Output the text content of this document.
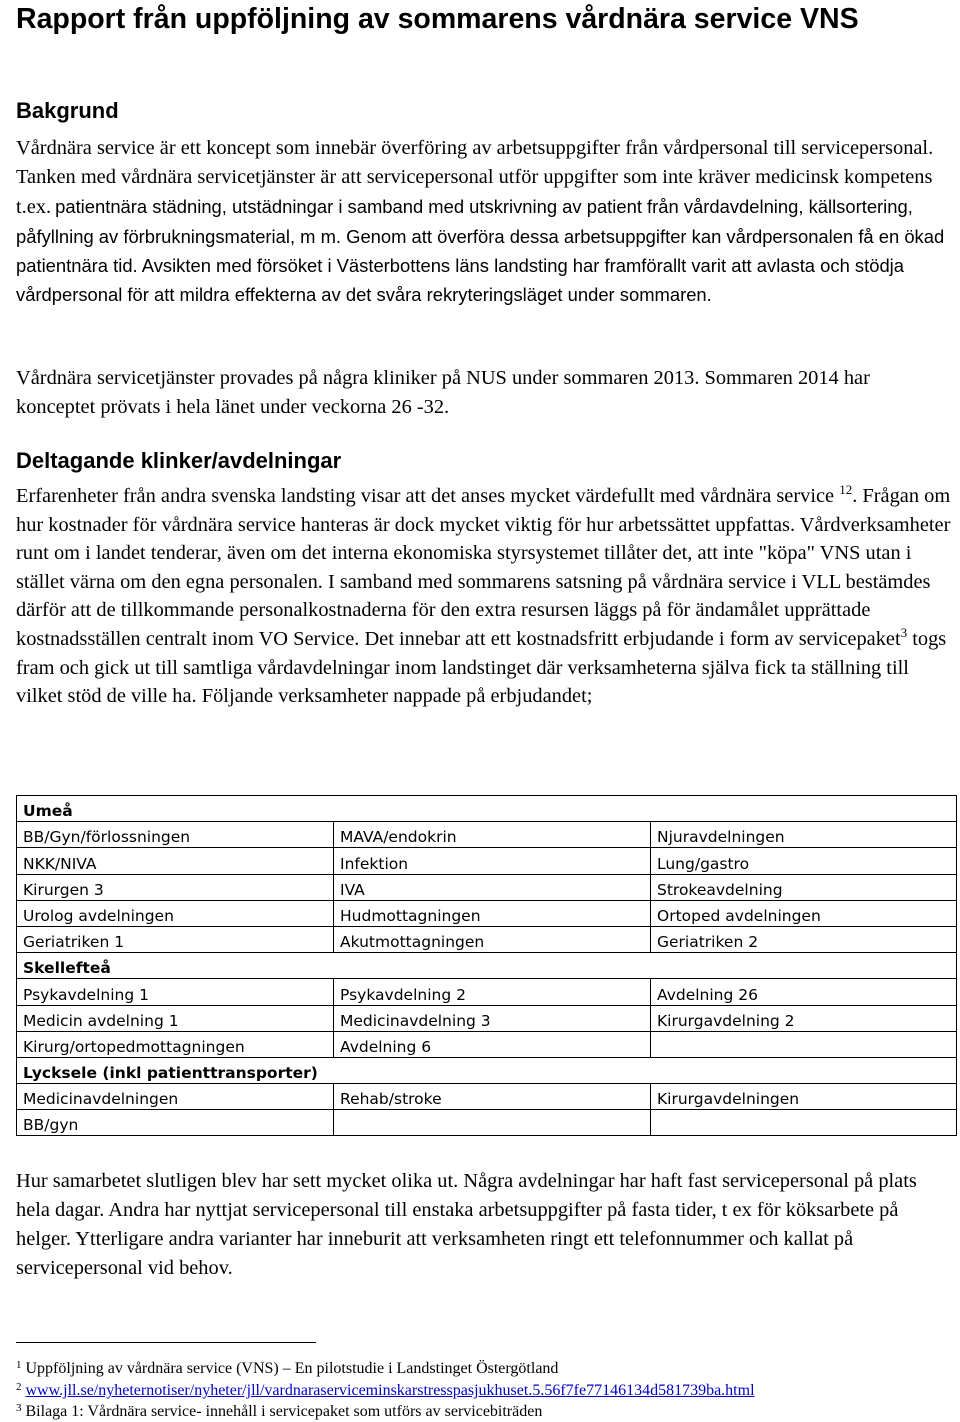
Rapport från uppföljning av sommarens vårdnära service VNS
Bakgrund

Vårdnära service är ett koncept som innebär överföring av arbetsuppgifter från vårdpersonal till servicepersonal. Tanken med vårdnära servicetjänster är att servicepersonal utför uppgifter som inte kräver medicinsk kompetens t.ex. patientnära städning, utstädningar i samband med utskrivning av patient från vårdavdelning, källsortering, påfyllning av förbrukningsmaterial, m m. Genom att överföra dessa arbetsuppgifter kan vårdpersonalen få en ökad patientnära tid. Avsikten med försöket i Västerbottens läns landsting har framförallt varit att avlasta och stödja vårdpersonal för att mildra effekterna av det svåra rekryteringsläget under sommaren.

Vårdnära servicetjänster provades på några kliniker på NUS under sommaren 2013. Sommaren 2014 har konceptet prövats i hela länet under veckorna 26 -32.

Deltagande klinker/avdelningar

Erfarenheter från andra svenska landsting visar att det anses mycket värdefullt med vårdnära service $^{12}$. Frågan om hur kostnader för vårdnära service hanteras är dock mycket viktig för hur arbetssättet uppfattas. Vårdverksamheter runt om i landet tenderar, även om det interna ekonomiska styrsystemet tillåter det, att inte "köpa" VNS utan i stället värna om den egna personalen. I samband med sommarens satsning på vårdnära service i VLL bestämdes därför att de tillkommande personalkostnaderna för den extra resursen läggs på för ändamålet upprättade kostnadsställen centralt inom VO Service. Det innebar att ett kostnadsfritt erbjudande i form av servicepaket$^3$ togs fram och gick ut till samtliga vårdavdelningar inom landstinget där verksamheterna själva fick ta ställning till vilket stöd de ville ha. Följande verksamheter nappade på erbjudandet;

Umeå		
BB/Gyn/förlossningen	MAVA/endokrin	Njuravdelningen
NKK/NIVA	Infektion	Lung/gastro
Kirurgen 3	IVA	Strokeavdelning
Urolog avdelningen	Hudmottagningen	Ortoped avdelningen
Geriatriken 1	Akutmottagningen	Geriatriken 2
Skellefteå		
Psykavdelning 1	Psykavdelning 2	Avdelning 26
Medicin avdelning 1	Medicinavdelning 3	Kirurgavdelning 2
Kirurg/ortopedmottagningen	Avdelning 6	
Lycksele (inkl patienttransporter)		
Medicinavdelningen	Rehab/stroke	Kirurgavdelningen
BB/gyn		

Hur samarbetet slutligen blev har sett mycket olika ut. Några avdelningar har haft fast servicepersonal på plats hela dagar. Andra har nyttjat servicepersonal till enstaka arbetsuppgifter på fasta tider, t ex för köksarbete på helger. Ytterligare andra varianter har inneburit att verksamheten ringt ett telefonnummer och kallat på servicepersonal vid behov.

$^1$ Uppföljning av vårdnära service (VNS) – En pilotstudie i Landstinget Östergötland
$^2$ www.jll.se/nyheternotiser/nyheter/jll/vardnaraserviceminskarstresspasjukhuset.5.56f7fe77146134d581739ba.html
$^3$ Bilaga 1: Vårdnära service- innehåll i servicepaket som utförs av servicebiträden
